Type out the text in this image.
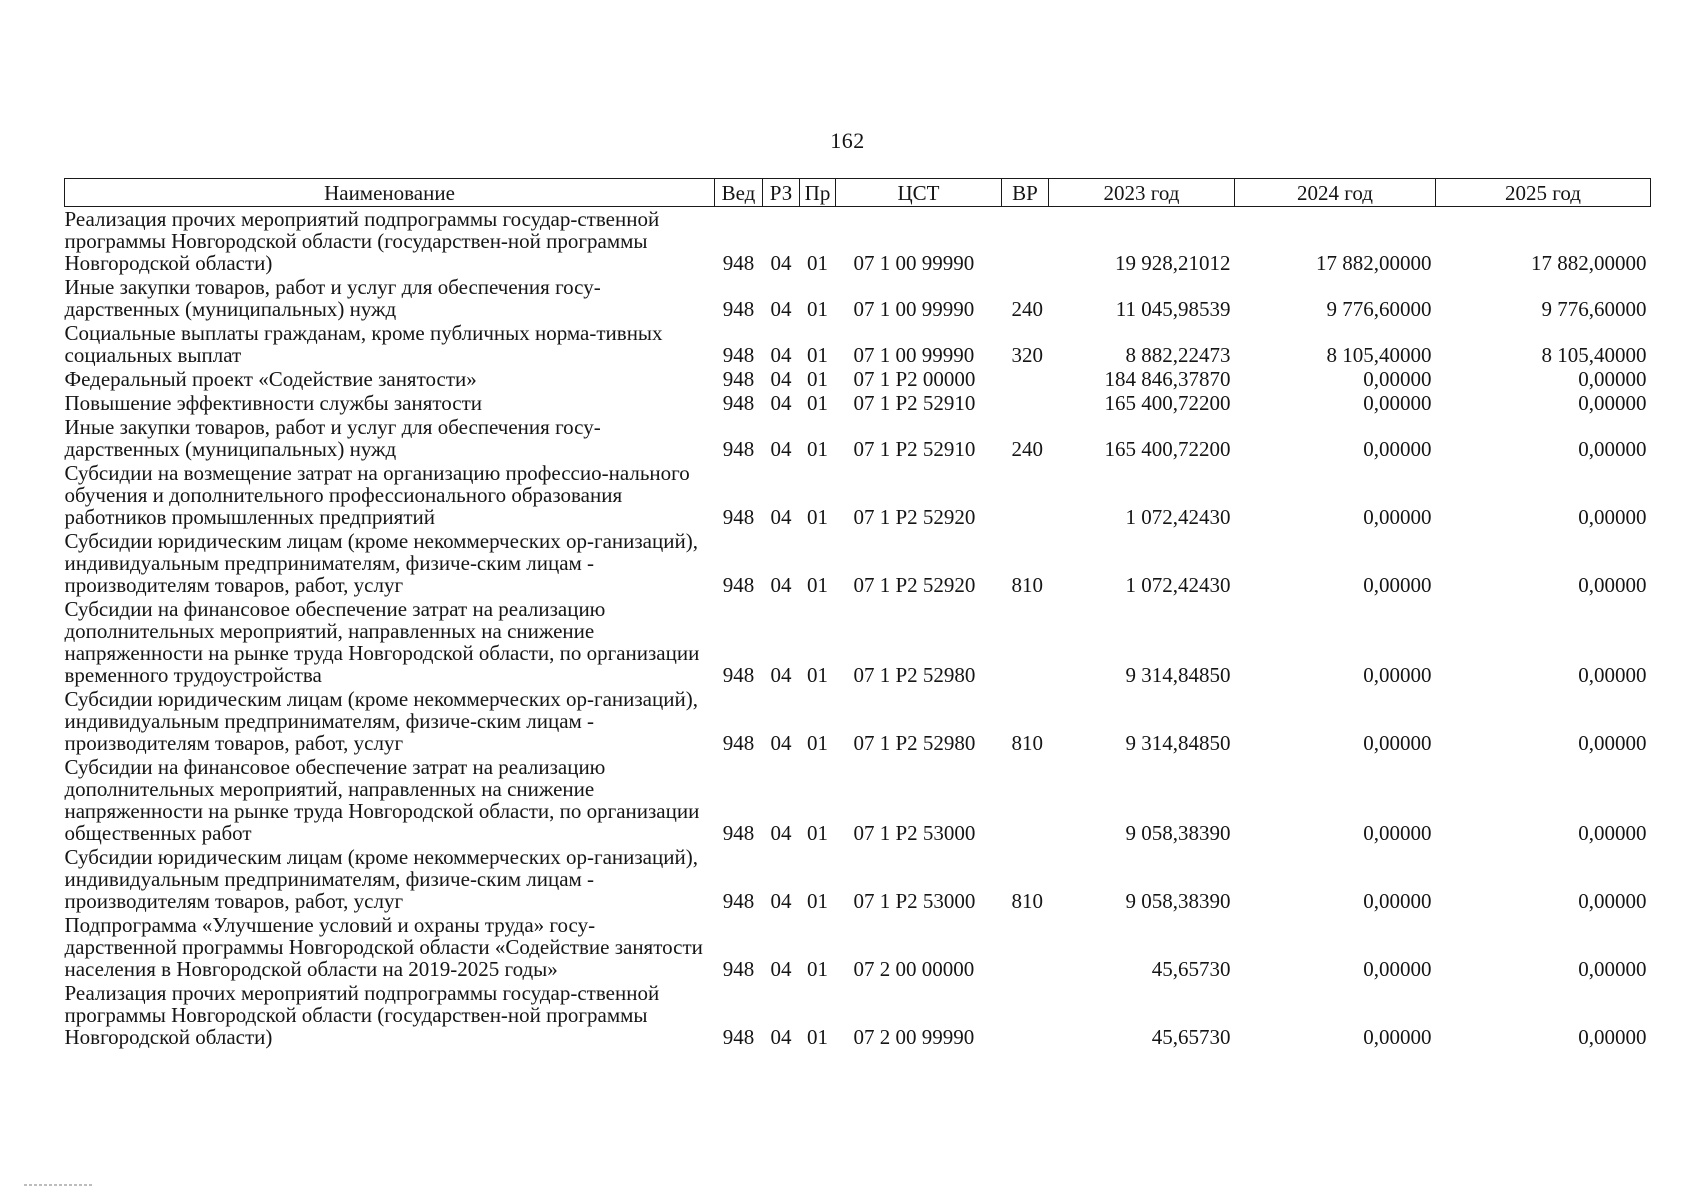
162
Наименование	Вед	РЗ	Пр	ЦСТ	ВР	2023 год	2024 год	2025 год
Реализация прочих мероприятий подпрограммы государ-ственной программы Новгородской области (государствен-ной программы Новгородской области)	948	04	01	07 1 00 99990		19 928,21012	17 882,00000	17 882,00000
Иные закупки товаров, работ и услуг для обеспечения госу-дарственных (муниципальных) нужд	948	04	01	07 1 00 99990	240	11 045,98539	9 776,60000	9 776,60000
Социальные выплаты гражданам, кроме публичных норма-тивных социальных выплат	948	04	01	07 1 00 99990	320	8 882,22473	8 105,40000	8 105,40000
Федеральный проект «Содействие занятости»	948	04	01	07 1 P2 00000		184 846,37870	0,00000	0,00000
Повышение эффективности службы занятости	948	04	01	07 1 P2 52910		165 400,72200	0,00000	0,00000
Иные закупки товаров, работ и услуг для обеспечения госу-дарственных (муниципальных) нужд	948	04	01	07 1 P2 52910	240	165 400,72200	0,00000	0,00000
Субсидии на возмещение затрат на организацию профессио-нального обучения и дополнительного профессионального образования работников промышленных предприятий	948	04	01	07 1 P2 52920		1 072,42430	0,00000	0,00000
Субсидии юридическим лицам (кроме некоммерческих ор-ганизаций), индивидуальным предпринимателям, физиче-ским лицам - производителям товаров, работ, услуг	948	04	01	07 1 P2 52920	810	1 072,42430	0,00000	0,00000
Субсидии на финансовое обеспечение затрат на реализацию дополнительных мероприятий, направленных на снижение напряженности на рынке труда Новгородской области, по организации временного трудоустройства	948	04	01	07 1 P2 52980		9 314,84850	0,00000	0,00000
Субсидии юридическим лицам (кроме некоммерческих ор-ганизаций), индивидуальным предпринимателям, физиче-ским лицам - производителям товаров, работ, услуг	948	04	01	07 1 P2 52980	810	9 314,84850	0,00000	0,00000
Субсидии на финансовое обеспечение затрат на реализацию дополнительных мероприятий, направленных на снижение напряженности на рынке труда Новгородской области, по организации общественных работ	948	04	01	07 1 P2 53000		9 058,38390	0,00000	0,00000
Субсидии юридическим лицам (кроме некоммерческих ор-ганизаций), индивидуальным предпринимателям, физиче-ским лицам - производителям товаров, работ, услуг	948	04	01	07 1 P2 53000	810	9 058,38390	0,00000	0,00000
Подпрограмма «Улучшение условий и охраны труда» госу-дарственной программы Новгородской области «Содействие занятости населения в Новгородской области на 2019-2025 годы»	948	04	01	07 2 00 00000		45,65730	0,00000	0,00000
Реализация прочих мероприятий подпрограммы государ-ственной программы Новгородской области (государствен-ной программы Новгородской области)	948	04	01	07 2 00 99990		45,65730	0,00000	0,00000
